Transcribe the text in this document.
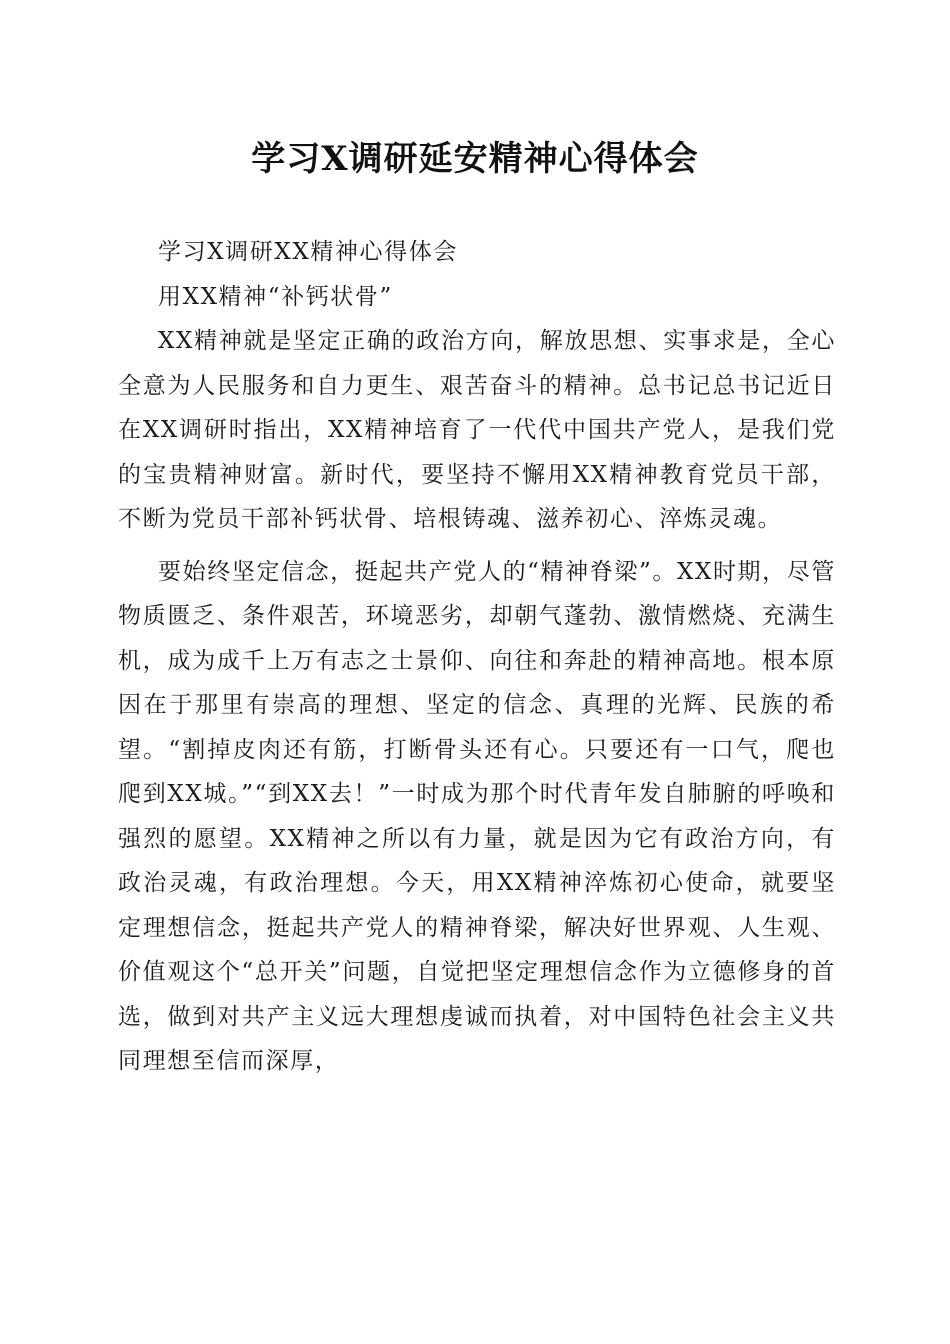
学习X调研延安精神心得体会

学习X调研XX精神心得体会

用XX精神“补钙状骨”

XX精神就是坚定正确的政治方向，解放思想、实事求是，全心全意为人民服务和自力更生、艰苦奋斗的精神。总书记总书记近日在XX调研时指出，XX精神培育了一代代中国共产党人，是我们党的宝贵精神财富。新时代，要坚持不懈用XX精神教育党员干部，不断为党员干部补钙状骨、培根铸魂、滋养初心、淬炼灵魂。

要始终坚定信念，挺起共产党人的“精神脊梁”。XX时期，尽管物质匮乏、条件艰苦，环境恶劣，却朝气蓬勃、激情燃烧、充满生机，成为成千上万有志之士景仰、向往和奔赴的精神高地。根本原因在于那里有崇高的理想、坚定的信念、真理的光辉、民族的希望。“割掉皮肉还有筋，打断骨头还有心。只要还有一口气，爬也爬到XX城。”“到XX去！”一时成为那个时代青年发自肺腑的呼唤和强烈的愿望。XX精神之所以有力量，就是因为它有政治方向，有政治灵魂，有政治理想。今天，用XX精神淬炼初心使命，就要坚定理想信念，挺起共产党人的精神脊梁，解决好世界观、人生观、价值观这个“总开关”问题，自觉把坚定理想信念作为立德修身的首选，做到对共产主义远大理想虔诚而执着，对中国特色社会主义共同理想至信而深厚，
